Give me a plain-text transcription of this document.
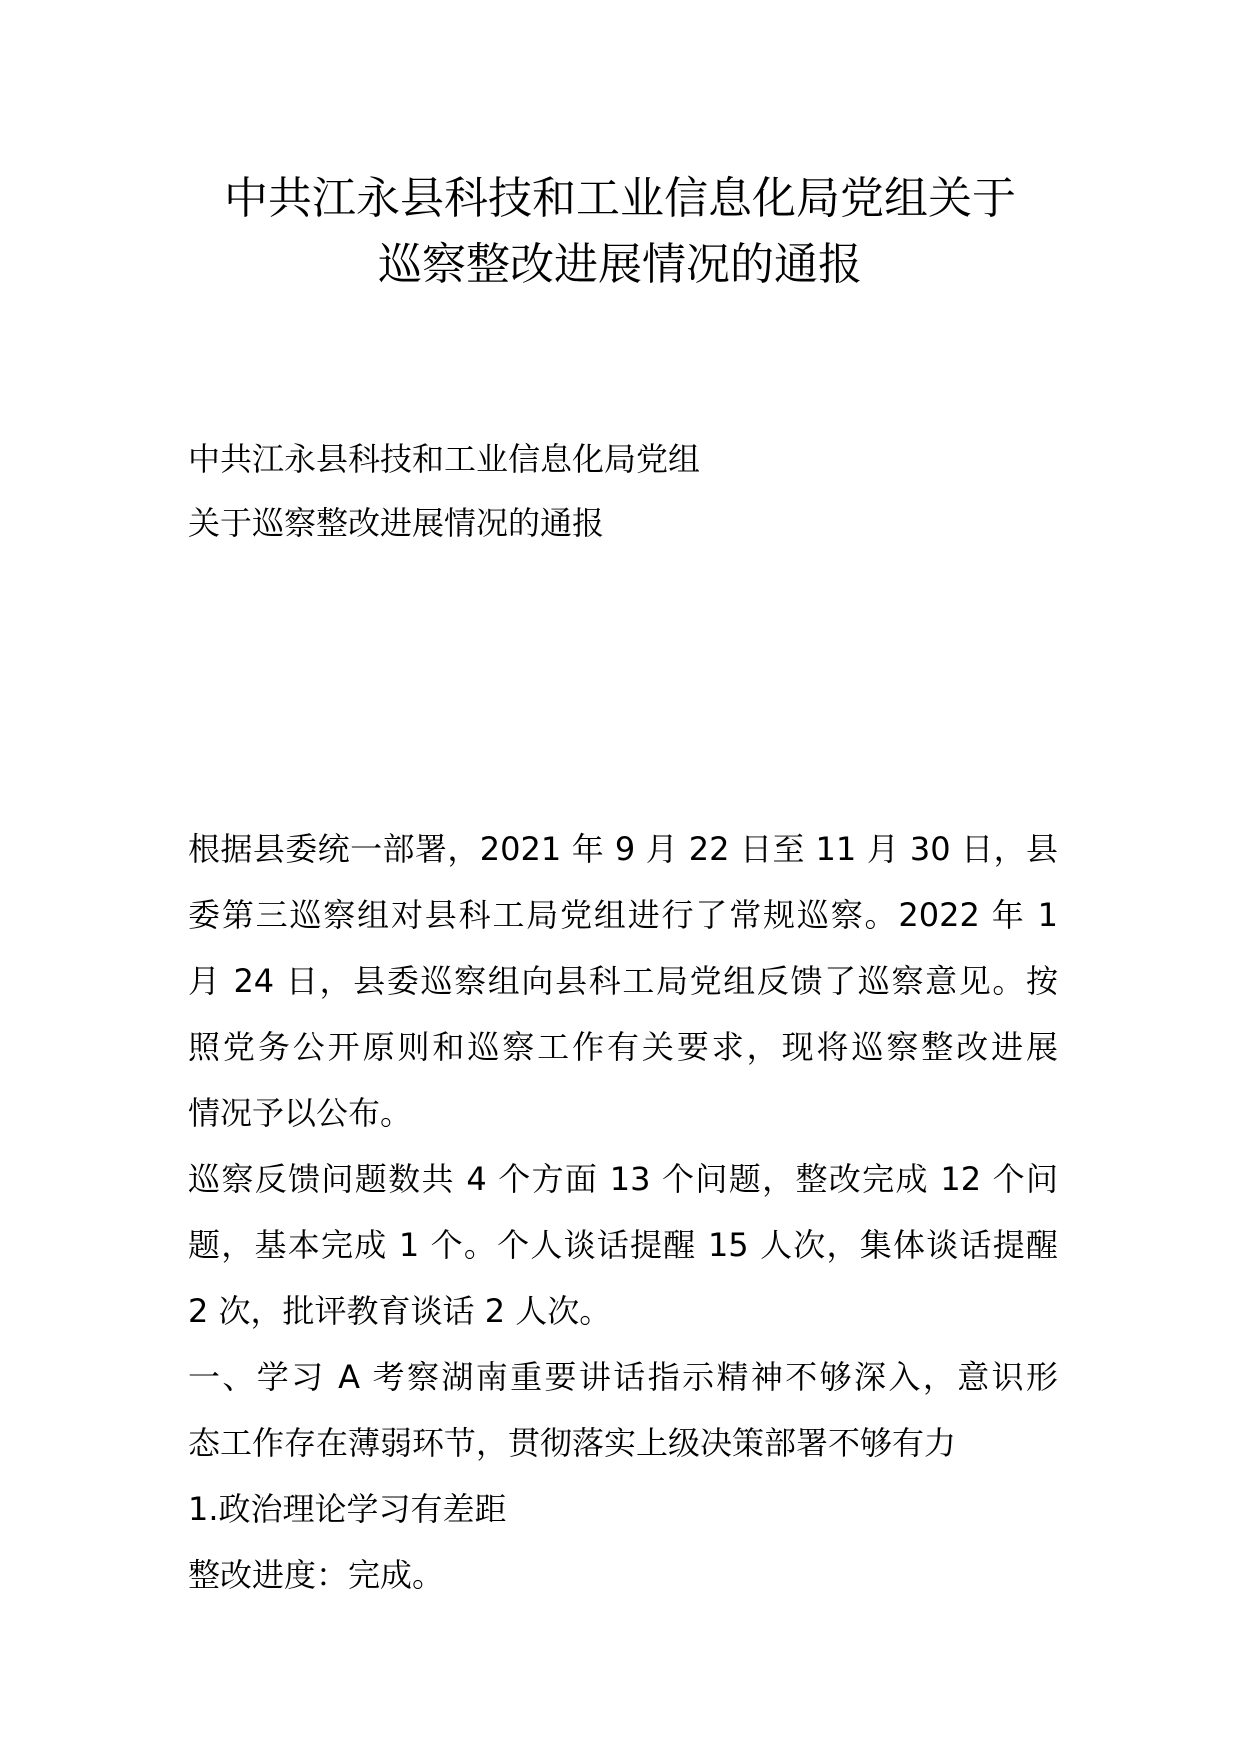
中共江永县科技和工业信息化局党组关于
巡察整改进展情况的通报

中共江永县科技和工业信息化局党组

关于巡察整改进展情况的通报

根据县委统一部署，2021 年 9 月 22 日至 11 月 30 日，县
委第三巡察组对县科工局党组进行了常规巡察。2022 年 1
月 24 日，县委巡察组向县科工局党组反馈了巡察意见。按
照党务公开原则和巡察工作有关要求，现将巡察整改进展
情况予以公布。
巡察反馈问题数共 4 个方面 13 个问题，整改完成 12 个问
题，基本完成 1 个。个人谈话提醒 15 人次，集体谈话提醒
2 次，批评教育谈话 2 人次。
一、学习 A 考察湖南重要讲话指示精神不够深入，意识形
态工作存在薄弱环节，贯彻落实上级决策部署不够有力

1.政治理论学习有差距

整改进度：完成。
